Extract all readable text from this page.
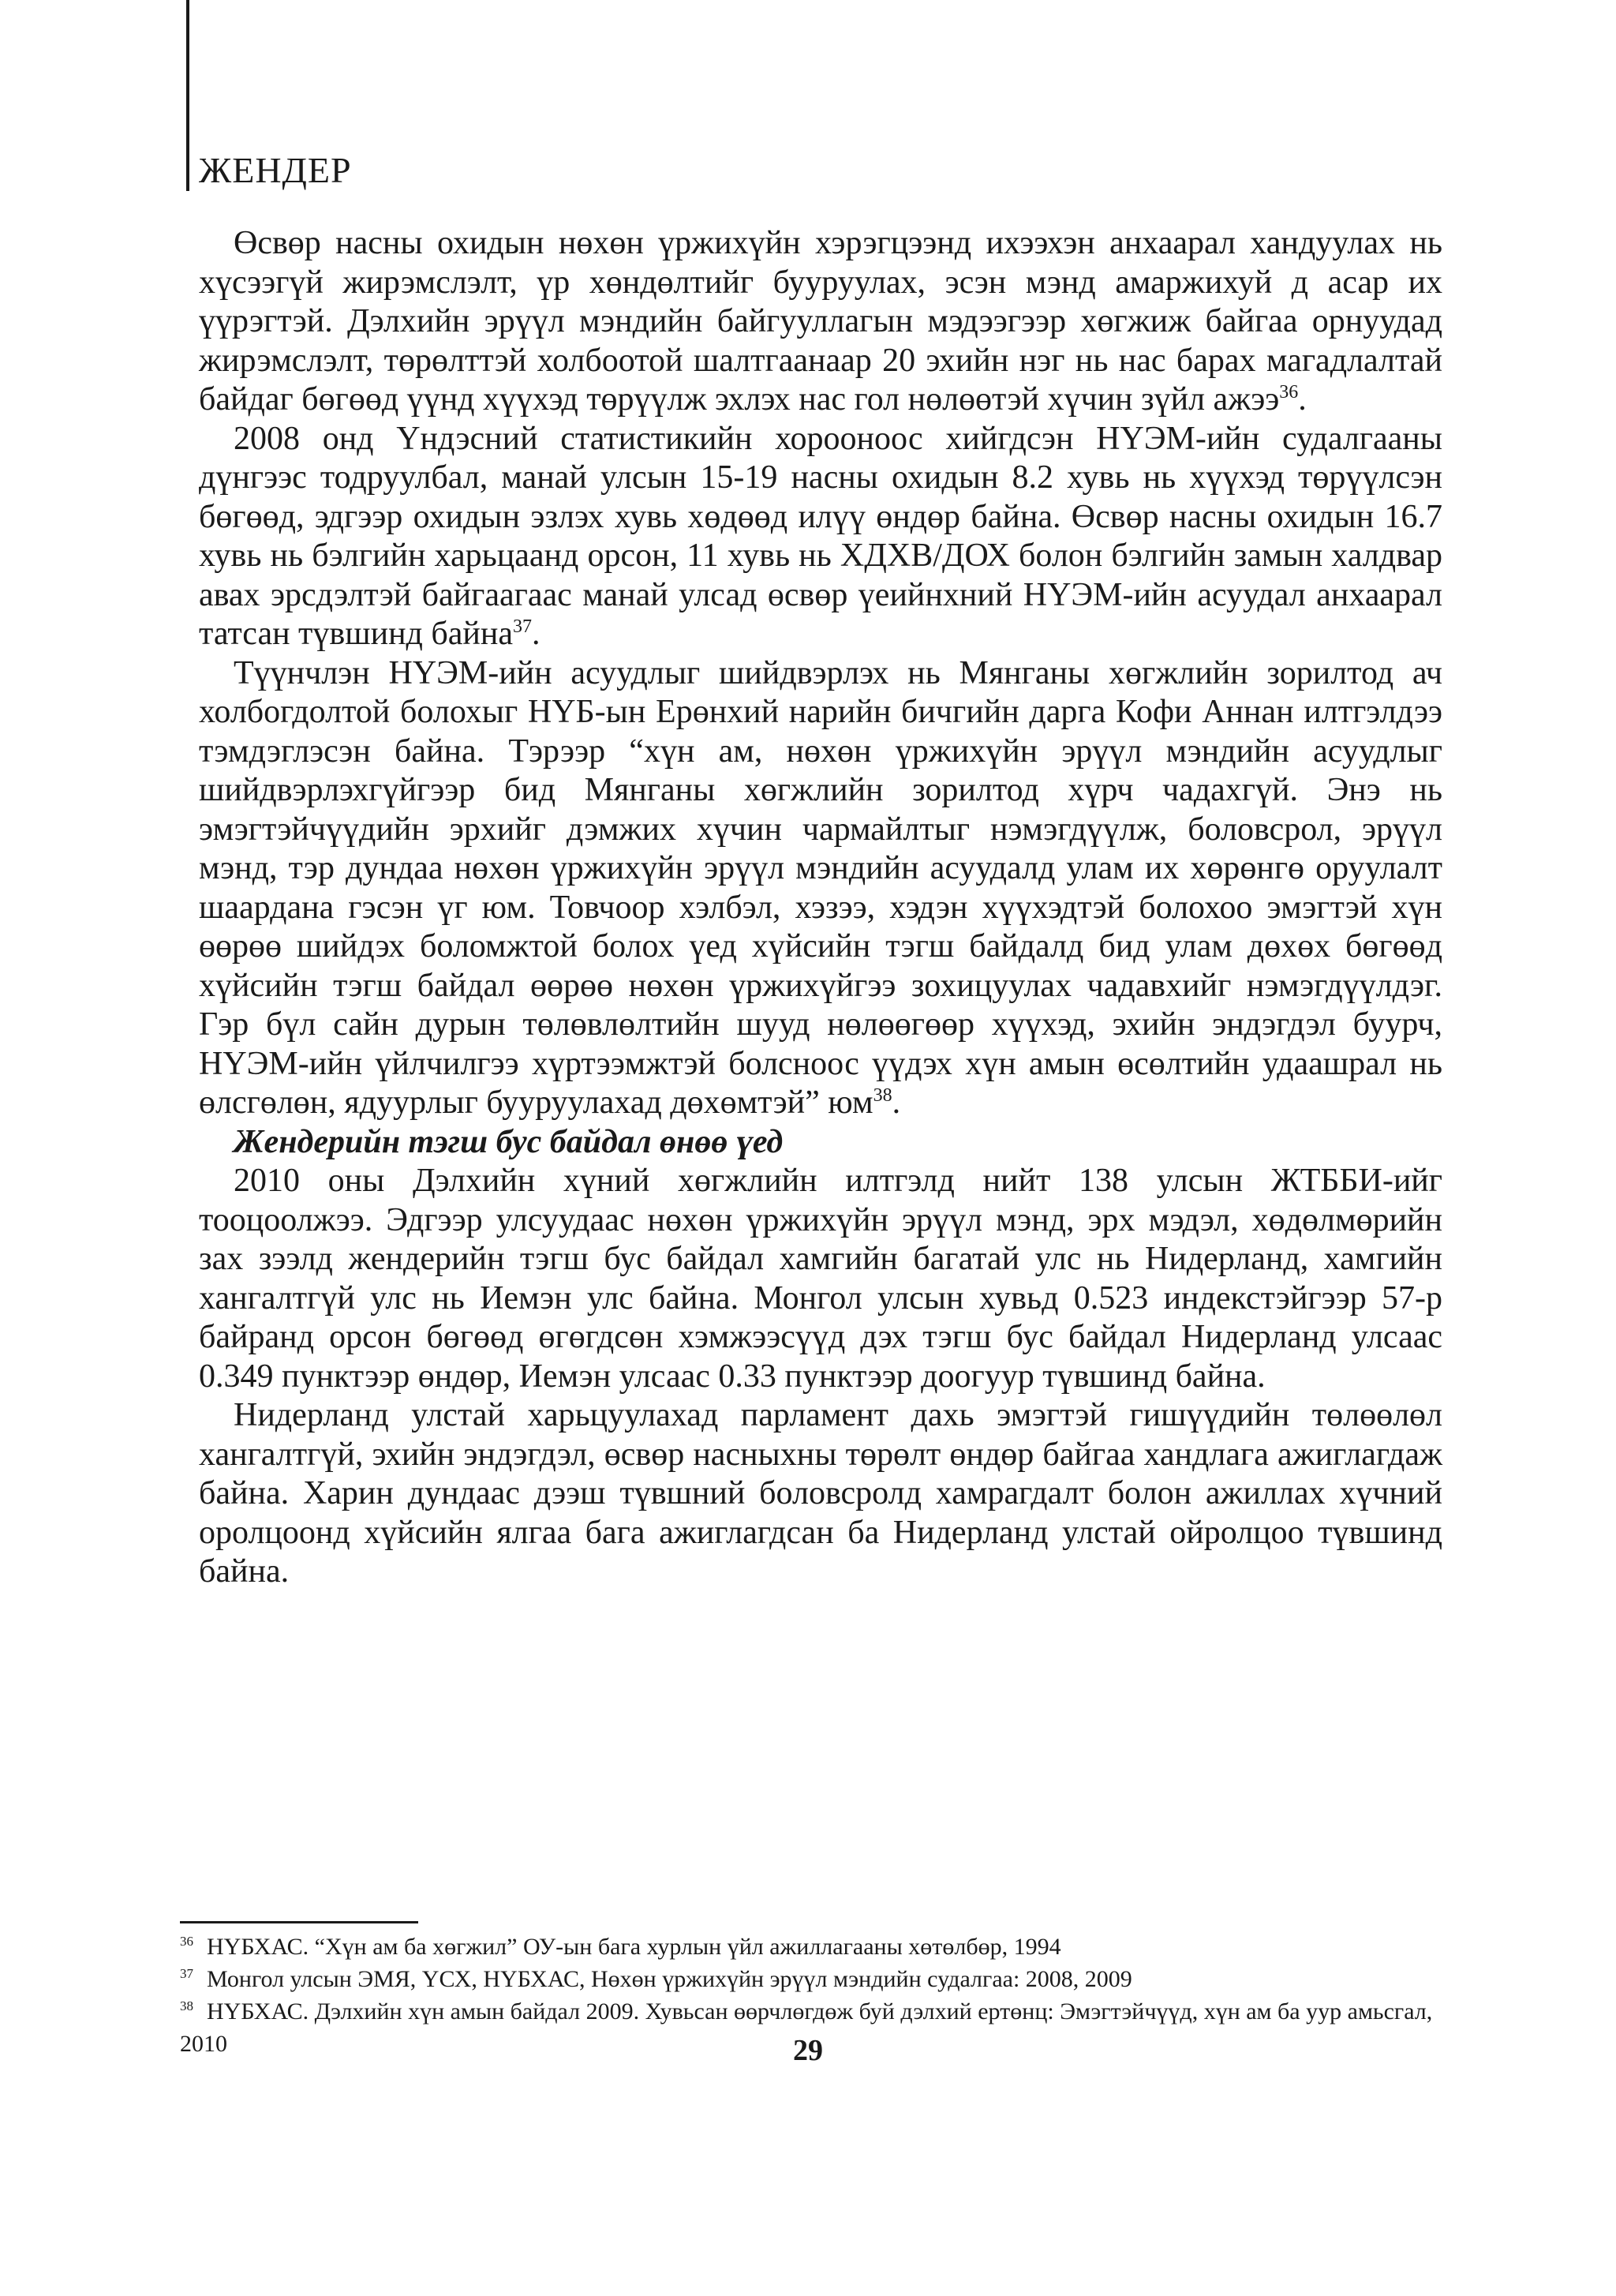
ЖЕНДЕР

Өсвөр насны охидын нөхөн үржихүйн хэрэгцээнд ихээхэн анхаарал хандуулах нь хүсээгүй жирэмслэлт, үр хөндөлтийг бууруулах, эсэн мэнд амаржихуй д асар их үүрэгтэй. Дэлхийн эрүүл мэндийн байгууллагын мэдээгээр хөгжиж байгаа орнуудад жирэмслэлт, төрөлттэй холбоотой шалтгаанаар 20 эхийн нэг нь нас барах магадлалтай байдаг бөгөөд үүнд хүүхэд төрүүлж эхлэх нас гол нөлөөтэй хүчин зүйл ажээ$^{36}$.

2008 онд Үндэсний статистикийн хорооноос хийгдсэн НҮЭМ-ийн судалгааны дүнгээс тодруулбал, манай улсын 15-19 насны охидын 8.2 хувь нь хүүхэд төрүүлсэн бөгөөд, эдгээр охидын эзлэх хувь хөдөөд илүү өндөр байна. Өсвөр насны охидын 16.7 хувь нь бэлгийн харьцаанд орсон, 11 хувь нь ХДХВ/ДОХ болон бэлгийн замын халдвар авах эрсдэлтэй байгаагаас манай улсад өсвөр үеийнхний НҮЭМ-ийн асуудал анхаарал татсан түвшинд байна$^{37}$.

Түүнчлэн НҮЭМ-ийн асуудлыг шийдвэрлэх нь Мянганы хөгжлийн зорилтод ач холбогдолтой болохыг НҮБ-ын Ерөнхий нарийн бичгийн дарга Кофи Аннан илтгэлдээ тэмдэглэсэн байна. Тэрээр “хүн ам, нөхөн үржихүйн эрүүл мэндийн асуудлыг шийдвэрлэхгүйгээр бид Мянганы хөгжлийн зорилтод хүрч чадахгүй. Энэ нь эмэгтэйчүүдийн эрхийг дэмжих хүчин чармайлтыг нэмэгдүүлж, боловсрол, эрүүл мэнд, тэр дундаа нөхөн үржихүйн эрүүл мэндийн асуудалд улам их хөрөнгө оруулалт шаардана гэсэн үг юм. Товчоор хэлбэл, хэзээ, хэдэн хүүхэдтэй болохоо эмэгтэй хүн өөрөө шийдэх боломжтой болох үед хүйсийн тэгш байдалд бид улам дөхөх бөгөөд хүйсийн тэгш байдал өөрөө нөхөн үржихүйгээ зохицуулах чадавхийг нэмэгдүүлдэг. Гэр бүл сайн дурын төлөвлөлтийн шууд нөлөөгөөр хүүхэд, эхийн эндэгдэл буурч, НҮЭМ-ийн үйлчилгээ хүртээмжтэй болсноос үүдэх хүн амын өсөлтийн удаашрал нь өлсгөлөн, ядуурлыг бууруулахад дөхөмтэй” $юм^{38}$.

Жендерийн тэгш бус байдал өнөө үед

2010 оны Дэлхийн хүний хөгжлийн илтгэлд нийт 138 улсын ЖТББИ-ийг тооцоолжээ. Эдгээр улсуудаас нөхөн үржихүйн эрүүл мэнд, эрх мэдэл, хөдөлмөрийн зах зээлд жендерийн тэгш бус байдал хамгийн багатай улс нь Нидерланд, хамгийн хангалтгүй улс нь Иемэн улс байна. Монгол улсын хувьд 0.523 индекстэйгээр 57-р байранд орсон бөгөөд өгөгдсөн хэмжээсүүд дэх тэгш бус байдал Нидерланд улсаас 0.349 пунктээр өндөр, Иемэн улсаас 0.33 пунктээр доогуур түвшинд байна.

Нидерланд улстай харьцуулахад парламент дахь эмэгтэй гишүүдийн төлөөлөл хангалтгүй, эхийн эндэгдэл, өсвөр насныхны төрөлт өндөр байгаа хандлага ажиглагдаж байна. Харин дундаас дээш түвшний боловсролд хамрагдалт болон ажиллах хүчний оролцоонд хүйсийн ялгаа бага ажиглагдсан ба Нидерланд улстай ойролцоо түвшинд байна.

36 НҮБХАС. “Хүн ам ба хөгжил” ОУ-ын бага хурлын үйл ажиллагааны хөтөлбөр, 1994

37 Монгол улсын ЭМЯ, ҮСХ, НҮБХАС, Нөхөн үржихүйн эрүүл мэндийн судалгаа: 2008, 2009

38 НҮБХАС. Дэлхийн хүн амын байдал 2009. Хувьсан өөрчлөгдөж буй дэлхий ертөнц: Эмэгтэйчүүд, хүн ам ба уур амьсгал, 2010	29
